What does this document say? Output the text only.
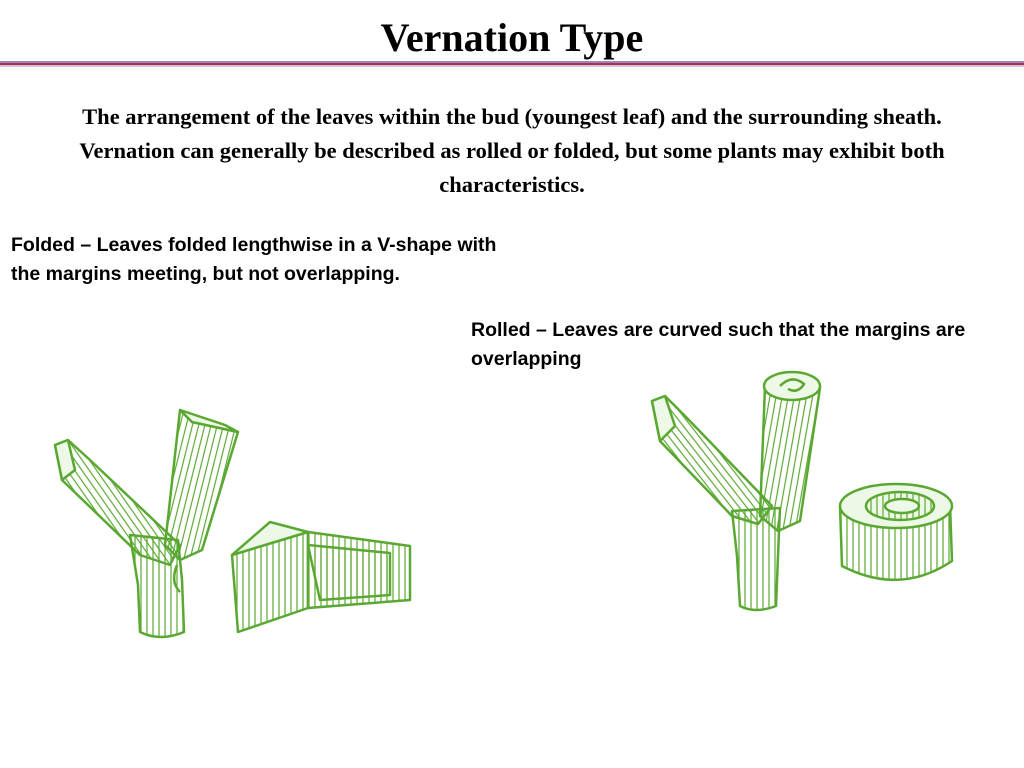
Vernation Type

The arrangement of the leaves within the bud (youngest leaf) and the surrounding sheath. Vernation can generally be described as rolled or folded, but some plants may exhibit both characteristics.

Folded – Leaves folded lengthwise in a V-shape with the margins meeting, but not overlapping.

Rolled – Leaves are curved such that the margins are overlapping
